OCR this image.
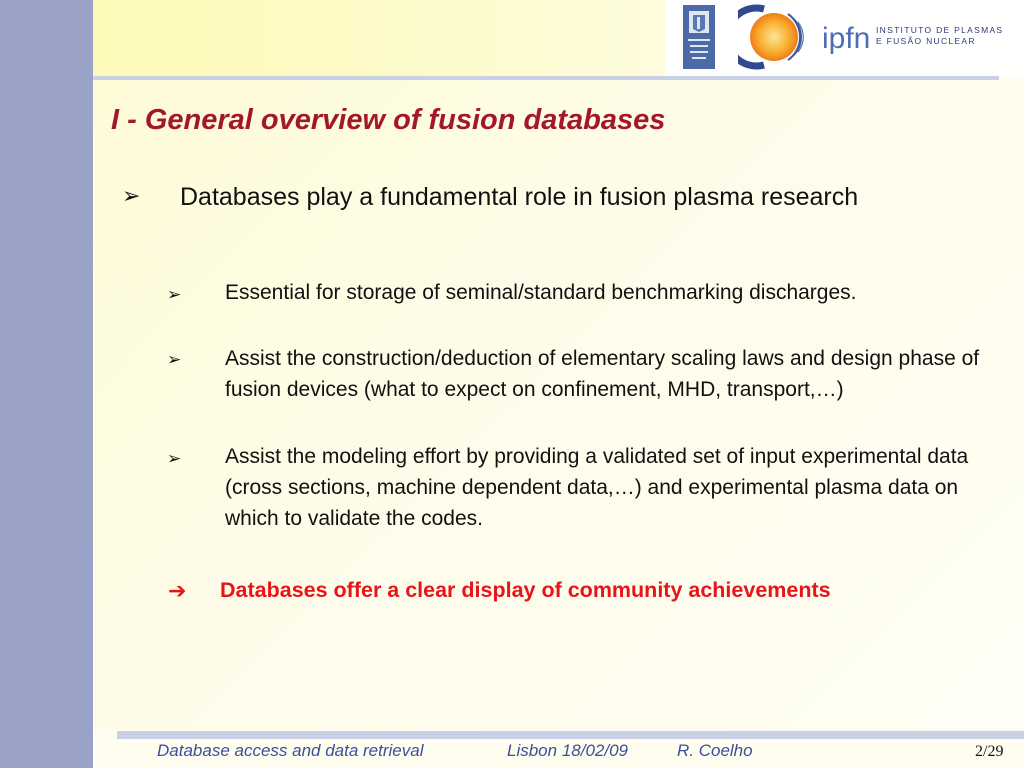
ipfn INSTITUTO DE PLASMAS
E FUSÃO NUCLEAR
I - General overview of fusion databases
➢ Databases play a fundamental role in fusion plasma research
➢ Essential for storage of seminal/standard benchmarking discharges.
➢ Assist the construction/deduction of elementary scaling laws and design phase of fusion devices (what to expect on confinement, MHD, transport,…)
➢ Assist the modeling effort by providing a validated set of input experimental data (cross sections, machine dependent data,…) and experimental plasma data on which to validate the codes.
➔ Databases offer a clear display of community achievements
Database access and data retrieval	Lisbon 18/02/09	R. Coelho	2/29
